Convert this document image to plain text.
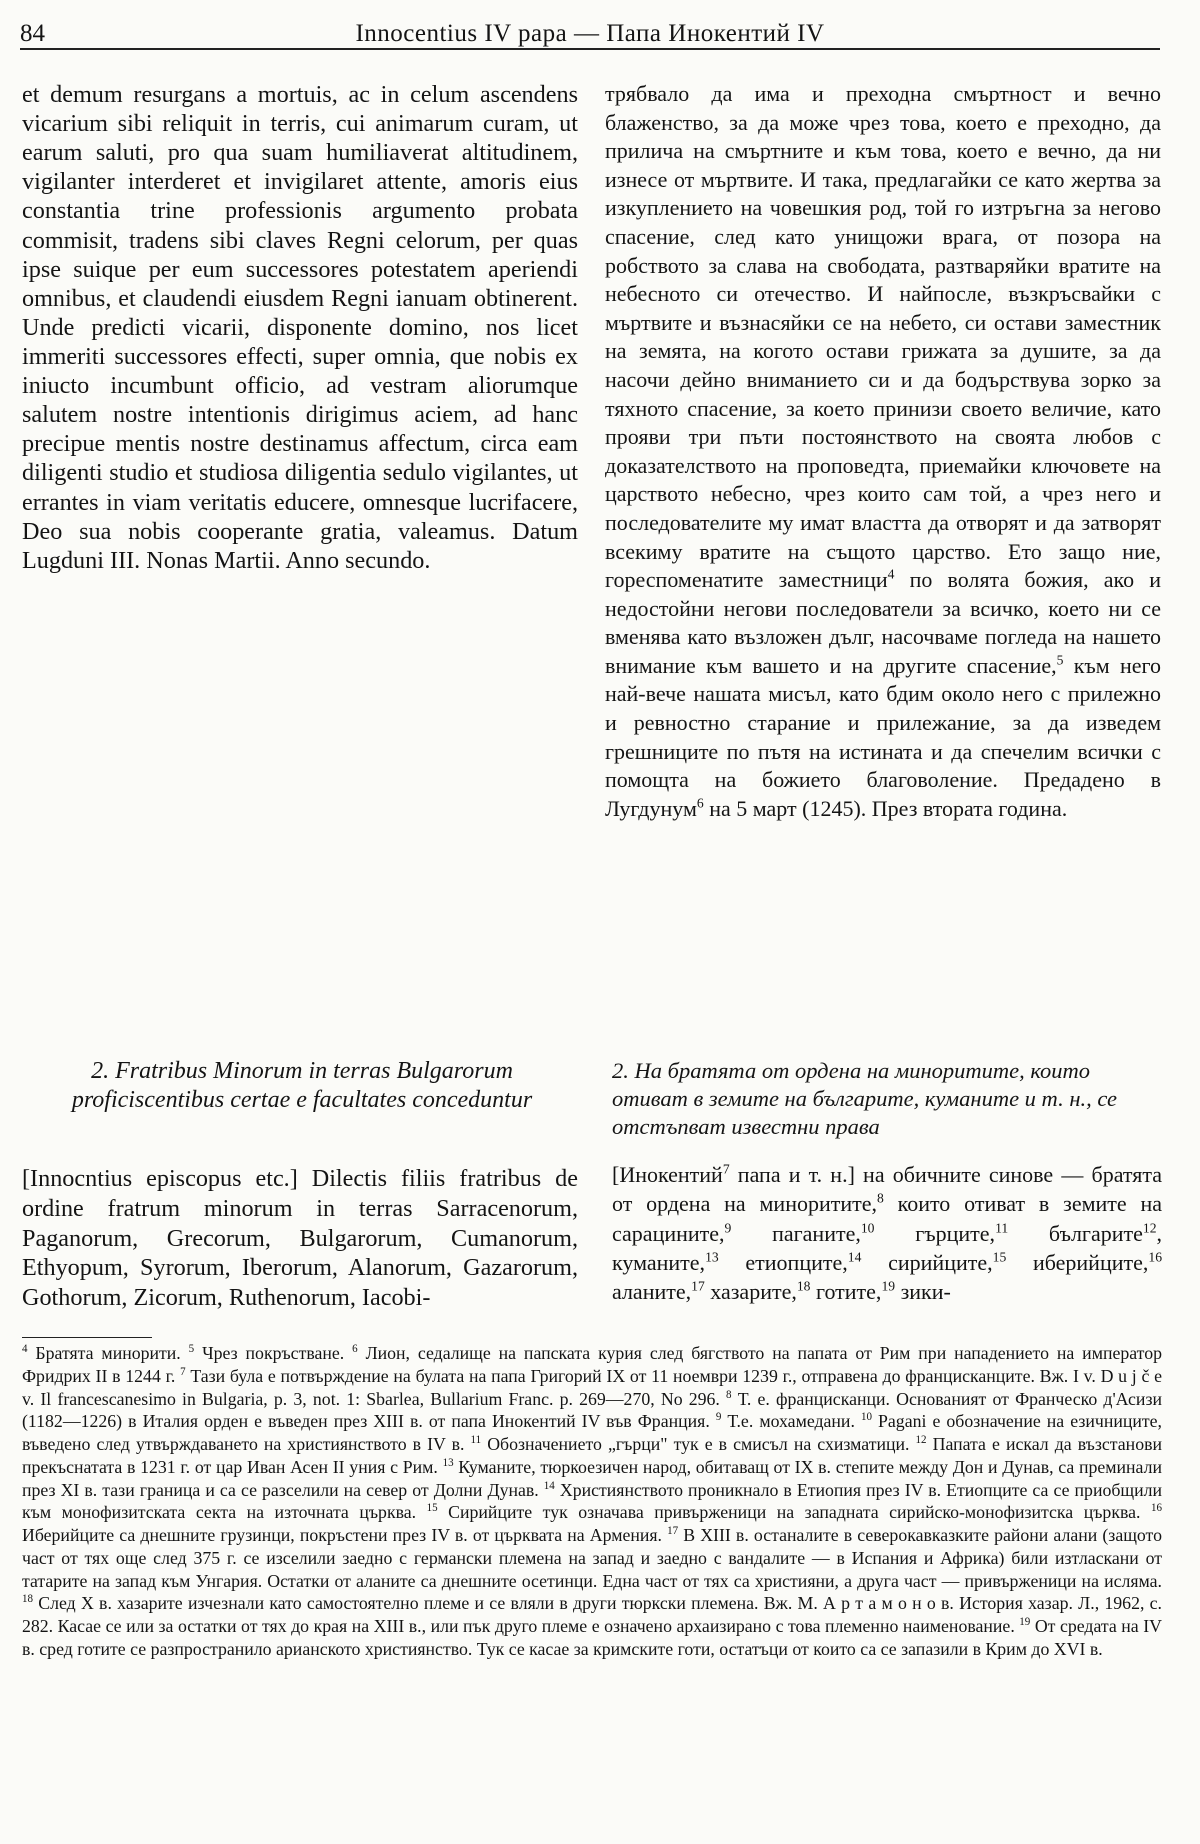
84	Innocentius IV papa — Папа Инокентий IV
et demum resurgans a mortuis, ac in celum ascendens vicarium sibi reliquit in terris, cui animarum curam, ut earum saluti, pro qua suam humiliaverat altitudinem, vigilanter interderet et invigilaret attente, amoris eius constantia trine professionis argumento probata commisit, tradens sibi claves Regni celorum, per quas ipse suique per eum successores potestatem aperiendi omnibus, et claudendi eiusdem Regni ianuam obtinerent. Unde predicti vicarii, disponente domino, nos licet immeriti successores effecti, super omnia, que nobis ex iniucto incumbunt officio, ad vestram aliorumque salutem nostre intentionis dirigimus aciem, ad hanc precipue mentis nostre destinamus affectum, circa eam diligenti studio et studiosa diligentia sedulo vigilantes, ut errantes in viam veritatis educere, omnesque lucrifacere, Deo sua nobis cooperante gratia, valeamus. Datum Lugduni III. Nonas Martii. Anno secundo.
трябвало да има и преходна смъртност и вечно блаженство, за да може чрез това, което е преходно, да прилича на смъртните и към това, което е вечно, да ни изнесе от мъртвите. И така, предлагайки се като жертва за изкуплението на човешкия род, той го изтръгна за негово спасение, след като унищожи врага, от позора на робството за слава на свободата, разтваряйки вратите на небесното си отечество. И найпосле, възкръсвайки с мъртвите и възнасяйки се на небето, си остави заместник на земята, на когото остави грижата за душите, за да насочи дейно вниманието си и да бодърствува зорко за тяхното спасение, за което принизи своето величие, като прояви три пъти постоянството на своята любов с доказателството на проповедта, приемайки ключовете на царството небесно, чрез които сам той, а чрез него и последователите му имат властта да отворят и да затворят всекиму вратите на същото царство. Ето защо ние, гореспоменатите заместници$^4$ по волята божия, ако и недостойни негови последователи за всичко, което ни се вменява като възложен дълг, насочваме погледа на нашето внимание към вашето и на другите спасение,$^5$ към него най-вече нашата мисъл, като бдим около него с прилежно и ревностно старание и прилежание, за да изведем грешниците по пътя на истината и да спечелим всички с помощта на божието благоволение. Предадено в Лугдунум$^6$ на 5 март (1245). През втората година.
2. Fratribus Minorum in terras Bulgarorum proficiscentibus certae e facultates conceduntur
2. На братята от ордена на миноритите, които отиват в земите на българите, куманите и т. н., се отстъпват известни права
[Innocntius episcopus etc.] Dilectis filiis fratribus de ordine fratrum minorum in terras Sarracenorum, Paganorum, Grecorum, Bulgarorum, Cumanorum, Ethyopum, Syrorum, Iberorum, Alanorum, Gazarorum, Gothorum, Zicorum, Ruthenorum, Iacobi-
[Инокентий$^7$ папа и т. н.] на обичните синове — братята от ордена на миноритите,$^8$ които отиват в земите на сарацините,$^9$ паганите,$^{10}$ гърците,$^{11}$ българите$^{12}$, куманите,$^{13}$ етиопците,$^{14}$ сирийците,$^{15}$ иберийците,$^{16}$ аланите,$^{17}$ хазарите,$^{18}$ готите,$^{19}$ зики-
$^4$ Братята минорити. $^5$ Чрез покръстване. $^6$ Лион, седалище на папската курия след бягството на папата от Рим при нападението на император Фридрих II в 1244 г. $^7$ Тази була е потвърждение на булата на папа Григорий IX от 11 ноември 1239 г., отправена до францисканците. Вж. I v. D u j č e v. Il francescanesimo in Bulgaria, p. 3, not. 1: Sbarlea, Bullarium Franc. p. 269—270, No 296. $^8$ Т. е. францисканци. Основаният от Франческо д'Асизи (1182—1226) в Италия орден е въведен през XIII в. от папа Инокентий IV във Франция. $^9$ Т.е. мохамедани. $^{10}$ Pagani е обозначение на езичниците, въведено след утвърждаването на християнството в IV в. $^{11}$ Обозначението „гърци" тук е в смисъл на схизматици. $^{12}$ Папата е искал да възстанови прекъснатата в 1231 г. от цар Иван Асен II уния с Рим. $^{13}$ Куманите, тюркоезичен народ, обитаващ от IX в. степите между Дон и Дунав, са преминали през XI в. тази граница и са се разселили на север от Долни Дунав. $^{14}$ Християнството проникнало в Етиопия през IV в. Етиопците са се приобщили към монофизитската секта на източната църква. $^{15}$ Сирийците тук означава привърженици на западната сирийско-монофизитска църква. $^{16}$ Иберийците са днешните грузинци, покръстени през IV в. от църквата на Армения. $^{17}$ В XIII в. останалите в северокавказките райони алани (защото част от тях още след 375 г. се изселили заедно с германски племена на запад и заедно с вандалите — в Испания и Африка) били изтласкани от татарите на запад към Унгария. Остатки от аланите са днешните осетинци. Една част от тях са християни, а друга част — привърженици на исляма. $^{18}$ След X в. хазарите изчезнали като самостоятелно племе и се вляли в други тюркски племена. Вж. М. А р т а м о н о в. История хазар. Л., 1962, с. 282. Касае се или за остатки от тях до края на XIII в., или пък друго племе е означено архаизирано с това племенно наименование. $^{19}$ От средата на IV в. сред готите се разпространило арианското християнство. Тук се касае за кримските готи, остатъци от които са се запазили в Крим до XVI в.
